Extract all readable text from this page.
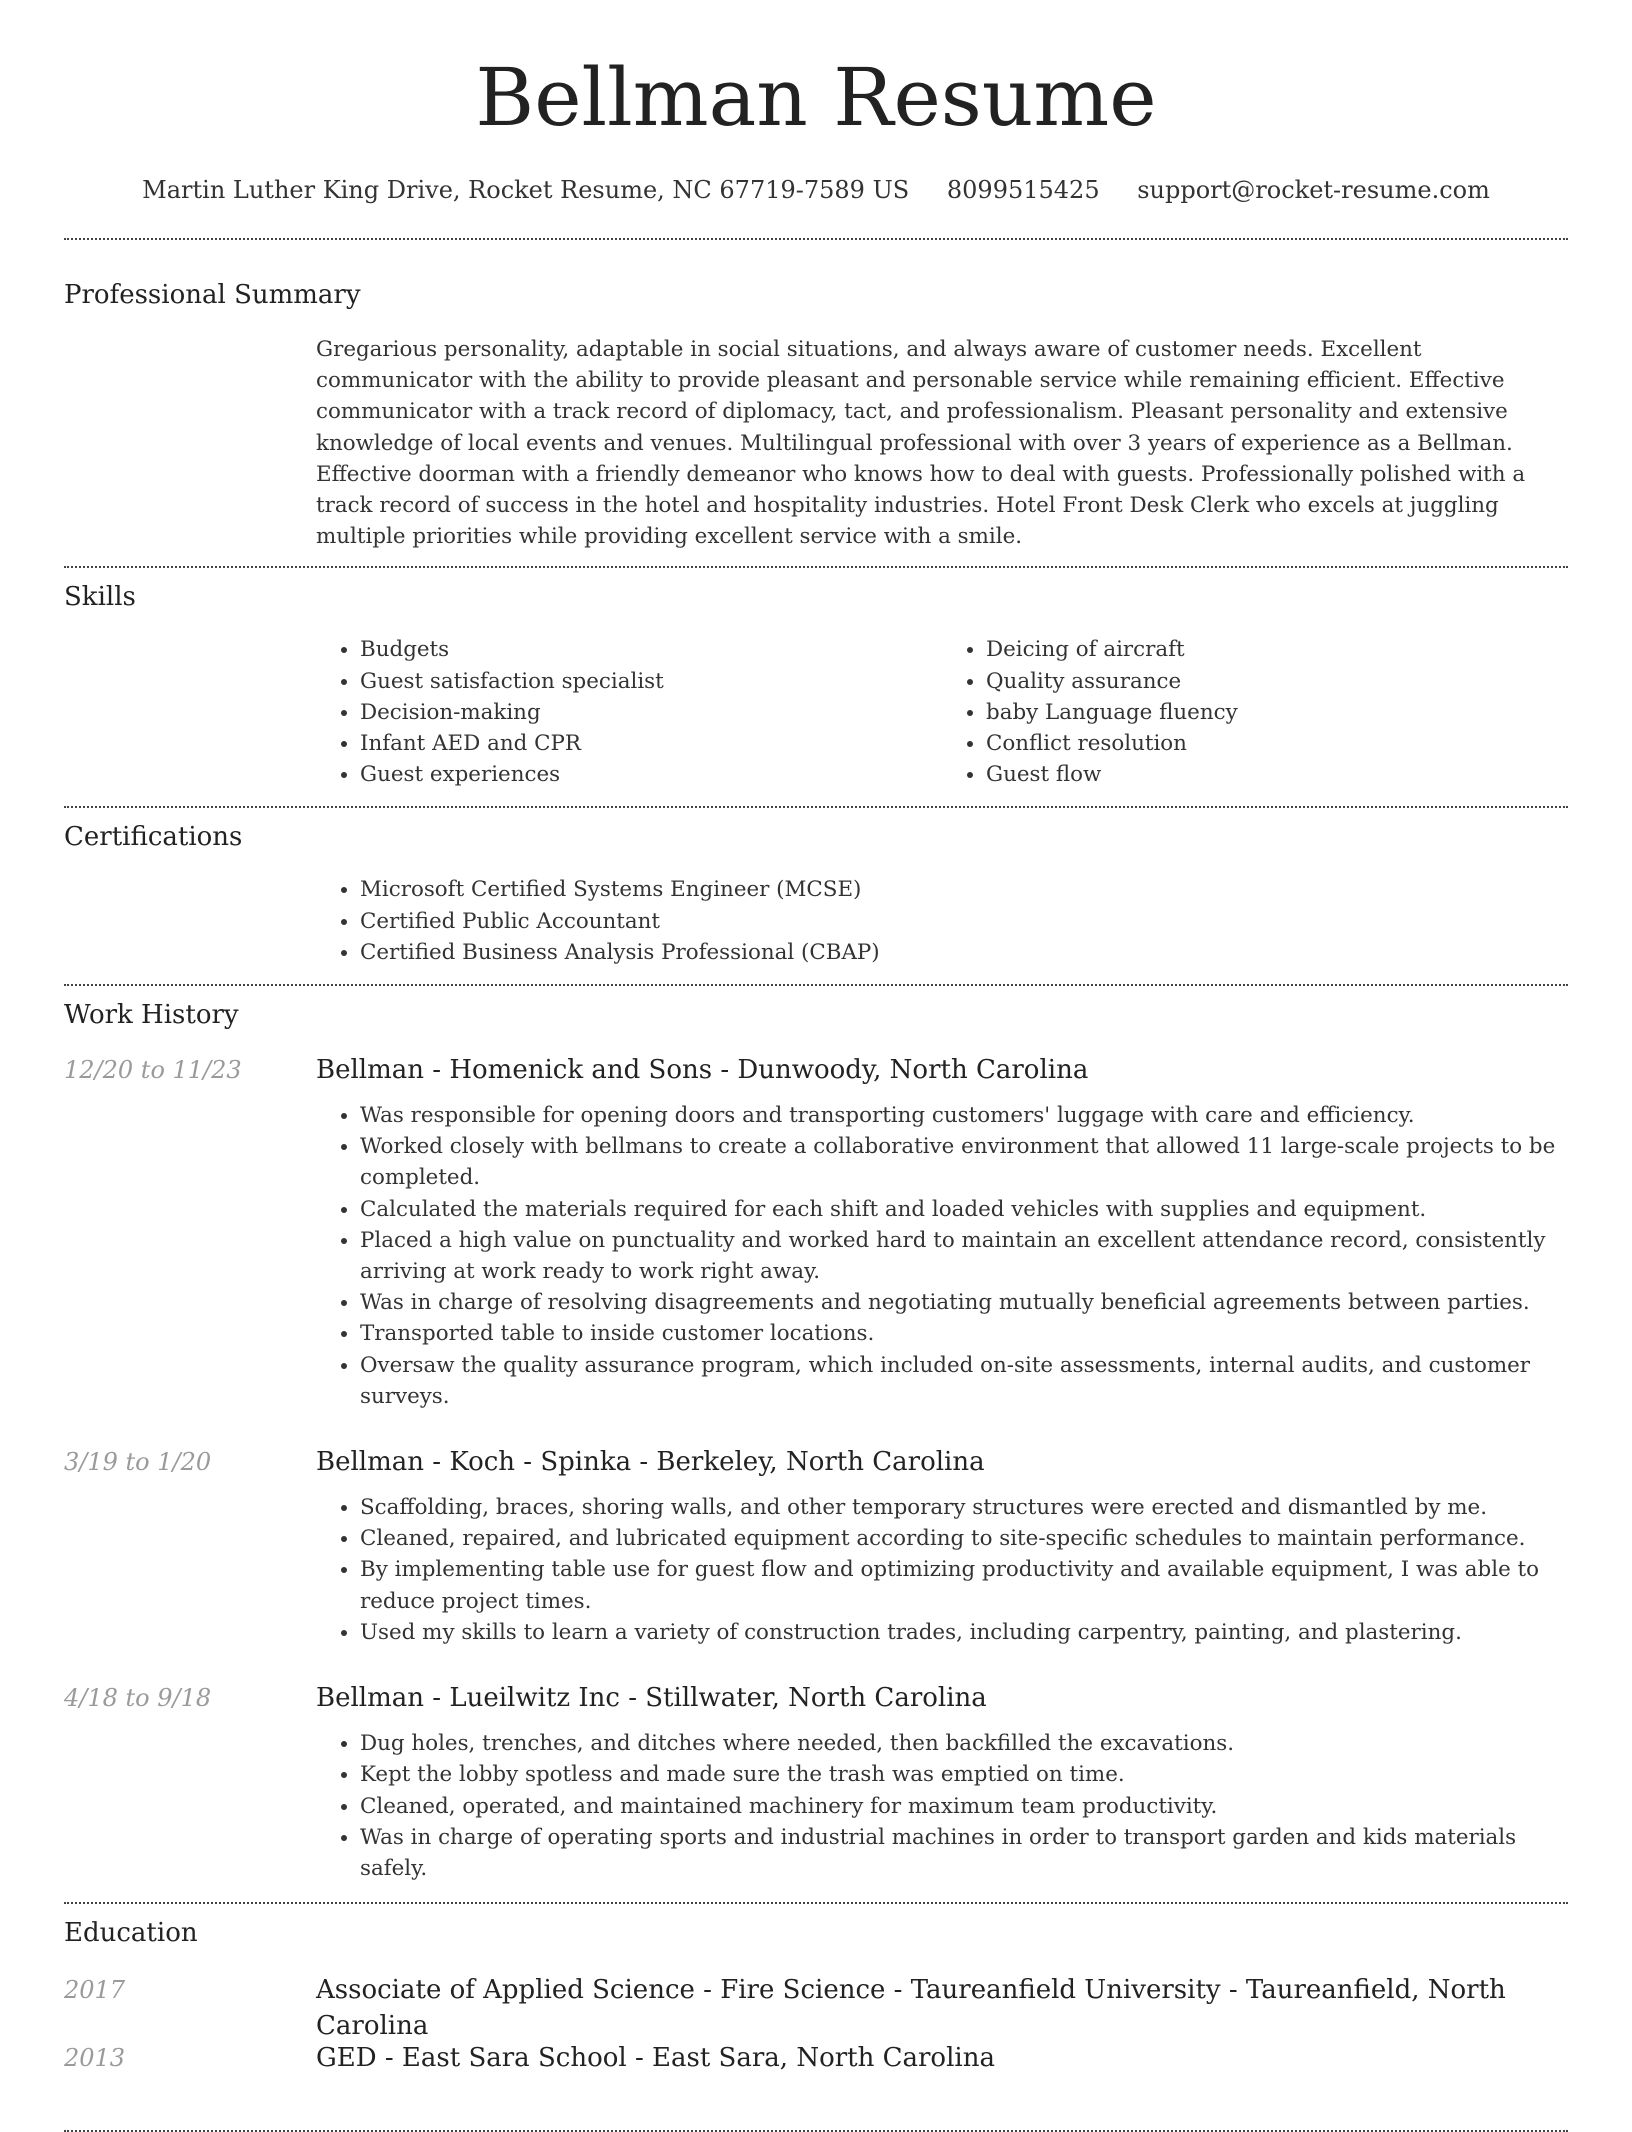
Bellman Resume
Martin Luther King Drive, Rocket Resume, NC 67719-7589 US 8099515425 support@rocket-resume.com
Professional Summary

Gregarious personality, adaptable in social situations, and always aware of customer needs. Excellent communicator with the ability to provide pleasant and personable service while remaining efficient. Effective communicator with a track record of diplomacy, tact, and professionalism. Pleasant personality and extensive knowledge of local events and venues. Multilingual professional with over 3 years of experience as a Bellman. Effective doorman with a friendly demeanor who knows how to deal with guests. Professionally polished with a track record of success in the hotel and hospitality industries. Hotel Front Desk Clerk who excels at juggling multiple priorities while providing excellent service with a smile.

Skills
• Budgets
• Guest satisfaction specialist
• Decision-making
• Infant AED and CPR
• Guest experiences
• Deicing of aircraft
• Quality assurance
• baby Language fluency
• Conflict resolution
• Guest flow
Certifications
• Microsoft Certified Systems Engineer (MCSE)
• Certified Public Accountant
• Certified Business Analysis Professional (CBAP)
Work History
12/20 to 11/23	Bellman - Homenick and Sons - Dunwoody, North Carolina
• Was responsible for opening doors and transporting customers' luggage with care and efficiency.
• Worked closely with bellmans to create a collaborative environment that allowed 11 large-scale projects to be completed.
• Calculated the materials required for each shift and loaded vehicles with supplies and equipment.
• Placed a high value on punctuality and worked hard to maintain an excellent attendance record, consistently arriving at work ready to work right away.
• Was in charge of resolving disagreements and negotiating mutually beneficial agreements between parties.
• Transported table to inside customer locations.
• Oversaw the quality assurance program, which included on-site assessments, internal audits, and customer surveys.
3/19 to 1/20	Bellman - Koch - Spinka - Berkeley, North Carolina
• Scaffolding, braces, shoring walls, and other temporary structures were erected and dismantled by me.
• Cleaned, repaired, and lubricated equipment according to site-specific schedules to maintain performance.
• By implementing table use for guest flow and optimizing productivity and available equipment, I was able to reduce project times.
• Used my skills to learn a variety of construction trades, including carpentry, painting, and plastering.
4/18 to 9/18	Bellman - Lueilwitz Inc - Stillwater, North Carolina
• Dug holes, trenches, and ditches where needed, then backfilled the excavations.
• Kept the lobby spotless and made sure the trash was emptied on time.
• Cleaned, operated, and maintained machinery for maximum team productivity.
• Was in charge of operating sports and industrial machines in order to transport garden and kids materials safely.
Education
2017	Associate of Applied Science - Fire Science - Taureanfield University - Taureanfield, North Carolina
2013	GED - East Sara School - East Sara, North Carolina
